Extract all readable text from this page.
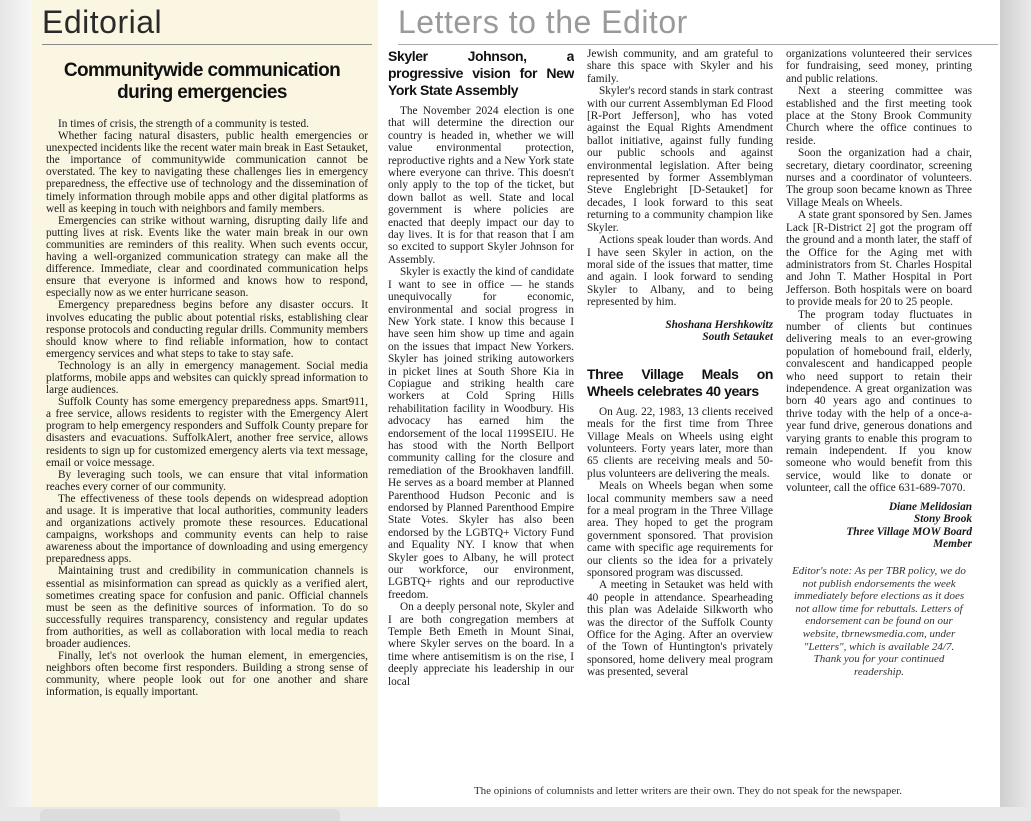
Editorial
Communitywide communication during emergencies

In times of crisis, the strength of a community is tested.

Whether facing natural disasters, public health emergencies or unexpected incidents like the recent water main break in East Setauket, the importance of communitywide communication cannot be overstated. The key to navigating these challenges lies in emergency preparedness, the effective use of technology and the dissemination of timely information through mobile apps and other digital platforms as well as keeping in touch with neighbors and family members.

Emergencies can strike without warning, disrupting daily life and putting lives at risk. Events like the water main break in our own communities are reminders of this reality. When such events occur, having a well-organized communication strategy can make all the difference. Immediate, clear and coordinated communication helps ensure that everyone is informed and knows how to respond, especially now as we enter hurricane season.

Emergency preparedness begins before any disaster occurs. It involves educating the public about potential risks, establishing clear response protocols and conducting regular drills. Community members should know where to find reliable information, how to contact emergency services and what steps to take to stay safe.

Technology is an ally in emergency management. Social media platforms, mobile apps and websites can quickly spread information to large audiences.

Suffolk County has some emergency preparedness apps. Smart911, a free service, allows residents to register with the Emergency Alert program to help emergency responders and Suffolk County prepare for disasters and evacuations. SuffolkAlert, another free service, allows residents to sign up for customized emergency alerts via text message, email or voice message.

By leveraging such tools, we can ensure that vital information reaches every corner of our community.

The effectiveness of these tools depends on widespread adoption and usage. It is imperative that local authorities, community leaders and organizations actively promote these resources. Educational campaigns, workshops and community events can help to raise awareness about the importance of downloading and using emergency preparedness apps.

Maintaining trust and credibility in communication channels is essential as misinformation can spread as quickly as a verified alert, sometimes creating space for confusion and panic. Official channels must be seen as the definitive sources of information. To do so successfully requires transparency, consistency and regular updates from authorities, as well as collaboration with local media to reach broader audiences.

Finally, let's not overlook the human element, in emergencies, neighbors often become first responders. Building a strong sense of community, where people look out for one another and share information, is equally important.

Letters to the Editor
Skyler Johnson, a progressive vision for New York State Assembly

The November 2024 election is one that will determine the direction our country is headed in, whether we will value environmental protection, reproductive rights and a New York state where everyone can thrive. This doesn't only apply to the top of the ticket, but down ballot as well. State and local government is where policies are enacted that deeply impact our day to day lives. It is for that reason that I am so excited to support Skyler Johnson for Assembly.

Skyler is exactly the kind of candidate I want to see in office — he stands unequivocally for economic, environmental and social progress in New York state. I know this because I have seen him show up time and again on the issues that impact New Yorkers. Skyler has joined striking autoworkers in picket lines at South Shore Kia in Copiague and striking health care workers at Cold Spring Hills rehabilitation facility in Woodbury. His advocacy has earned him the endorsement of the local 1199SEIU. He has stood with the North Bellport community calling for the closure and remediation of the Brookhaven landfill. He serves as a board member at Planned Parenthood Hudson Peconic and is endorsed by Planned Parenthood Empire State Votes. Skyler has also been endorsed by the LGBTQ+ Victory Fund and Equality NY. I know that when Skyler goes to Albany, he will protect our workforce, our environment, LGBTQ+ rights and our reproductive freedom.

On a deeply personal note, Skyler and I are both congregation members at Temple Beth Emeth in Mount Sinai, where Skyler serves on the board. In a time where antisemitism is on the rise, I deeply appreciate his leadership in our local

Jewish community, and am grateful to share this space with Skyler and his family.

Skyler's record stands in stark contrast with our current Assemblyman Ed Flood [R-Port Jefferson], who has voted against the Equal Rights Amendment ballot initiative, against fully funding our public schools and against environmental legislation. After being represented by former Assemblyman Steve Englebright [D-Setauket] for decades, I look forward to this seat returning to a community champion like Skyler.

Actions speak louder than words. And I have seen Skyler in action, on the moral side of the issues that matter, time and again. I look forward to sending Skyler to Albany, and to being represented by him.

Shoshana Hershkowitz
South Setauket
Three Village Meals on Wheels celebrates 40 years

On Aug. 22, 1983, 13 clients received meals for the first time from Three Village Meals on Wheels using eight volunteers. Forty years later, more than 65 clients are receiving meals and 50-plus volunteers are delivering the meals.

Meals on Wheels began when some local community members saw a need for a meal program in the Three Village area. They hoped to get the program government sponsored. That provision came with specific age requirements for our clients so the idea for a privately sponsored program was discussed.

A meeting in Setauket was held with 40 people in attendance. Spearheading this plan was Adelaide Silkworth who was the director of the Suffolk County Office for the Aging. After an overview of the Town of Huntington's privately sponsored, home delivery meal program was presented, several

organizations volunteered their services for fundraising, seed money, printing and public relations.

Next a steering committee was established and the first meeting took place at the Stony Brook Community Church where the office continues to reside.

Soon the organization had a chair, secretary, dietary coordinator, screening nurses and a coordinator of volunteers. The group soon became known as Three Village Meals on Wheels.

A state grant sponsored by Sen. James Lack [R-District 2] got the program off the ground and a month later, the staff of the Office for the Aging met with administrators from St. Charles Hospital and John T. Mather Hospital in Port Jefferson. Both hospitals were on board to provide meals for 20 to 25 people.

The program today fluctuates in number of clients but continues delivering meals to an ever-growing population of homebound frail, elderly, convalescent and handicapped people who need support to retain their independence. A great organization was born 40 years ago and continues to thrive today with the help of a once-a-year fund drive, generous donations and varying grants to enable this program to remain independent. If you know someone who would benefit from this service, would like to donate or volunteer, call the office 631-689-7070.

Diane Melidosian
Stony Brook
Three Village MOW Board
Member
Editor's note: As per TBR policy, we do not publish endorsements the week immediately before elections as it does not allow time for rebuttals. Letters of endorsement can be found on our website, tbrnewsmedia.com, under "Letters", which is available 24/7. Thank you for your continued readership.
The opinions of columnists and letter writers are their own. They do not speak for the newspaper.
